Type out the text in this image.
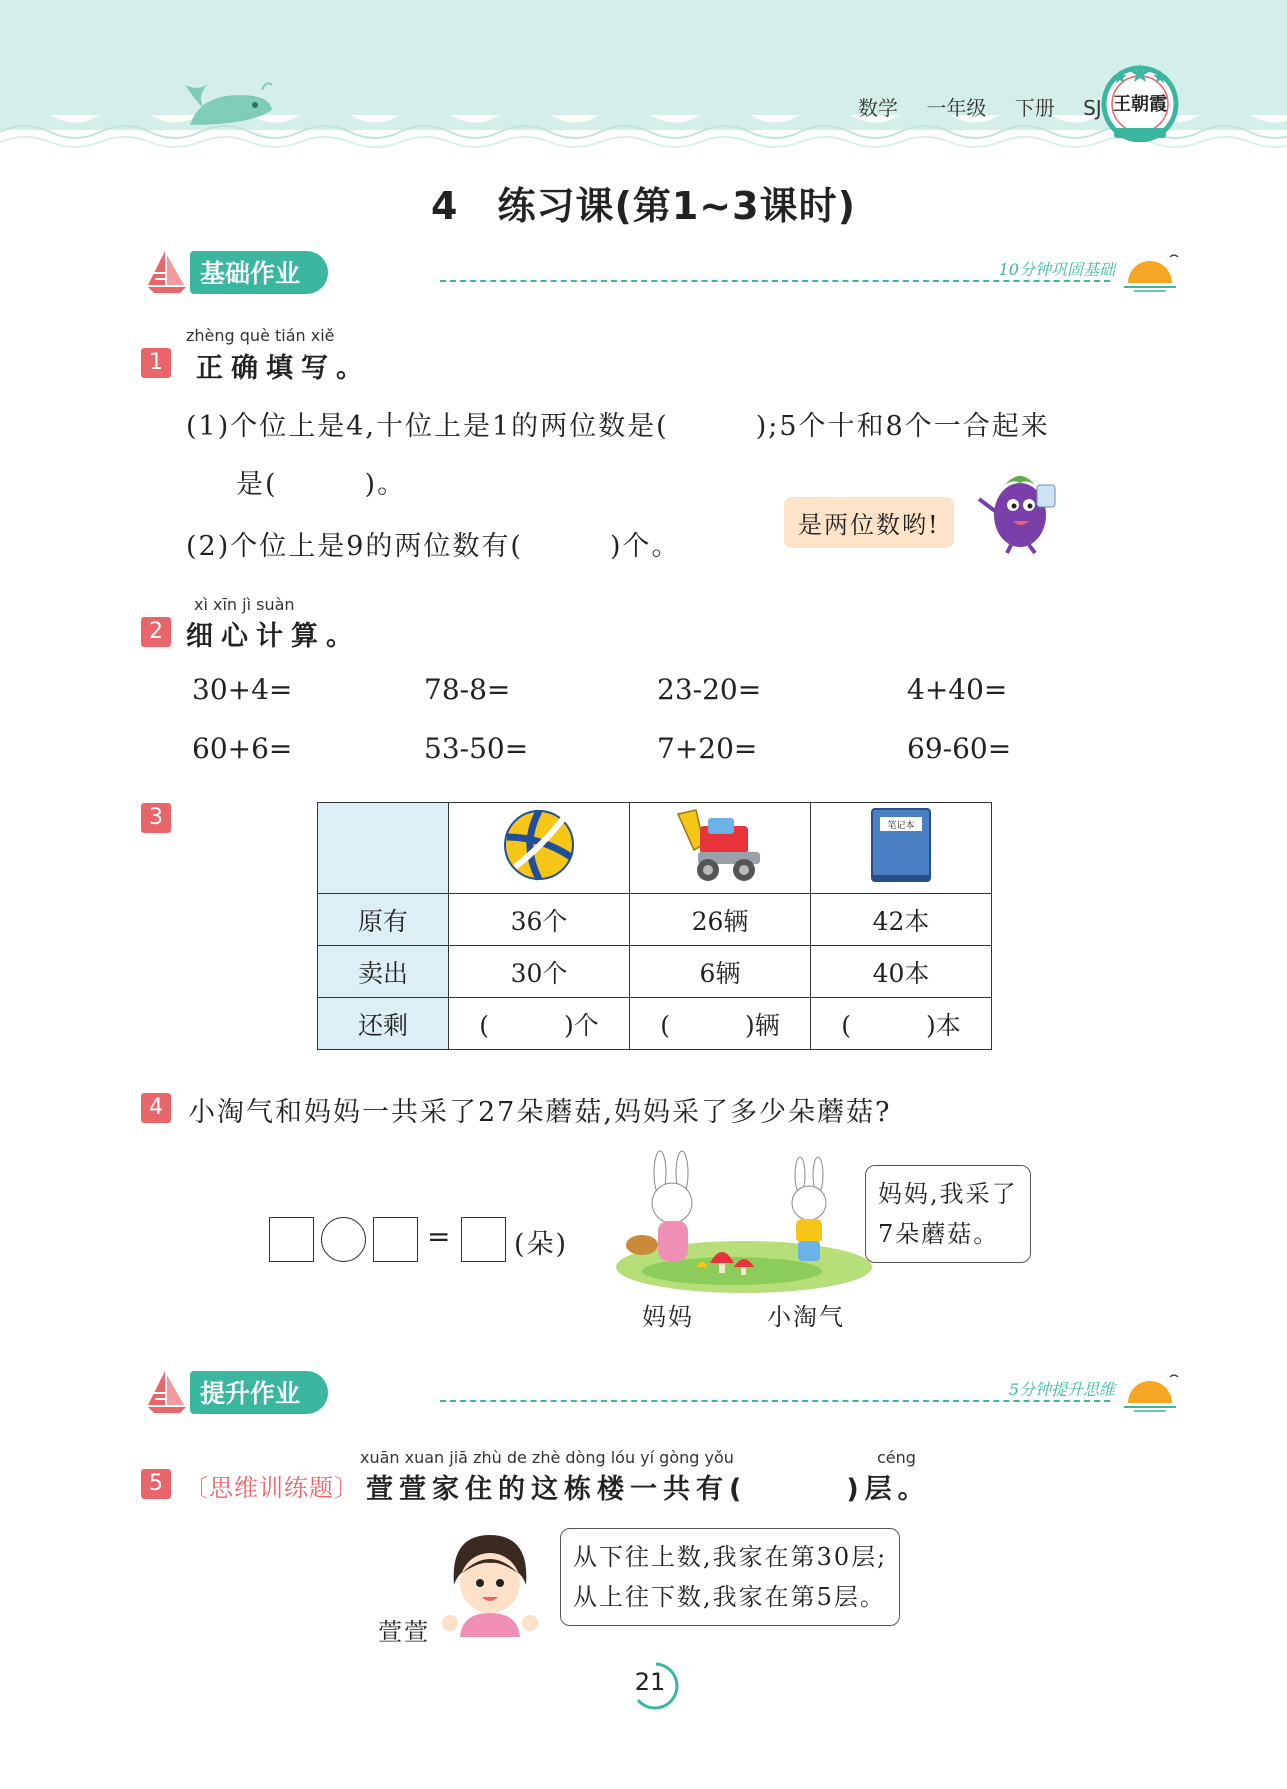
数学 一年级 下册 SJ 王朝霞
4　练习课(第1~3课时)
基础作业	10分钟巩固基础
zhèng què tián xiě
1 正确填写。
(1)个位上是4,十位上是1的两位数是(　　　);5个十和8个一合起来
是(　　　)。
(2)个位上是9的两位数有(　　　)个。
是两位数哟!
xì xīn jì suàn
2 细心计算。
30+4=	78-8=	23-20=	4+40=
60+6=	53-50=	7+20=	69-60=
3
				笔记本

原有	36个	26辆	42本
卖出	30个	6辆	40本
还剩	(　　　)个	(　　　)辆	(　　　)本
4 小淘气和妈妈一共采了27朵蘑菇,妈妈采了多少朵蘑菇?
= (朵)
妈妈,我采了
7朵蘑菇。
妈妈	小淘气
提升作业	5分钟提升思维
xuān xuan jiā zhù de zhè dòng lóu yí gòng yǒu	céng
5 〔思维训练题〕 萱萱家住的这栋楼一共有(　　　)层。
从下往上数,我家在第30层;
从上往下数,我家在第5层。
萱萱
21
